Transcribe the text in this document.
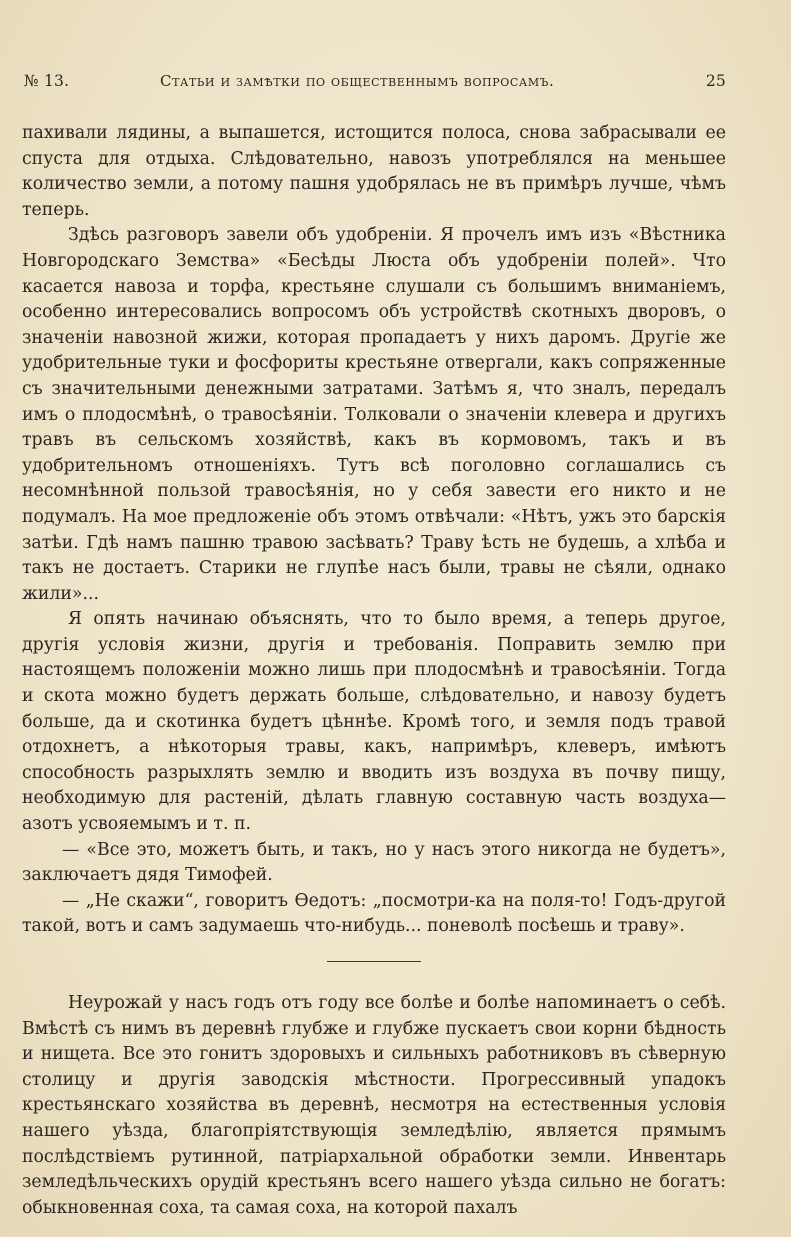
№ 13.	Статьи и замѣтки по общественнымъ вопросамъ.	25

пахивали лядины, а выпашется, истощится полоса, снова забрасывали ее спуста для отдыха. Слѣдовательно, навозъ употреблялся на меньшее количество земли, а потому пашня удобрялась не въ примѣръ лучше, чѣмъ теперь.

Здѣсь разговоръ завели объ удобреніи. Я прочелъ имъ изъ «Вѣстника Новгородскаго Земства» «Бесѣды Люста объ удобреніи полей». Что касается навоза и торфа, крестьяне слушали съ большимъ вниманіемъ, особенно интересовались вопросомъ объ устройствѣ скотныхъ дворовъ, о значеніи навозной жижи, которая пропадаетъ у нихъ даромъ. Другіе же удобрительные туки и фосфориты крестьяне отвергали, какъ сопряженные съ значительными денежными затратами. Затѣмъ я, что зналъ, передалъ имъ о плодосмѣнѣ, о травосѣяніи. Толковали о значеніи клевера и другихъ травъ въ сельскомъ хозяйствѣ, какъ въ кормовомъ, такъ и въ удобрительномъ отношеніяхъ. Тутъ всѣ поголовно соглашались съ несомнѣнной пользой травосѣянія, но у себя завести его никто и не подумалъ. На мое предложеніе объ этомъ отвѣчали: «Нѣтъ, ужъ это барскія затѣи. Гдѣ намъ пашню травою засѣвать? Траву ѣсть не будешь, а хлѣба и такъ не достаетъ. Старики не глупѣе насъ были, травы не сѣяли, однако жили»...

Я опять начинаю объяснять, что то было время, а теперь другое, другія условія жизни, другія и требованія. Поправить землю при настоящемъ положеніи можно лишь при плодосмѣнѣ и травосѣяніи. Тогда и скота можно будетъ держать больше, слѣдовательно, и навозу будетъ больше, да и скотинка будетъ цѣннѣе. Кромѣ того, и земля подъ травой отдохнетъ, а нѣкоторыя травы, какъ, напримѣръ, клеверъ, имѣютъ способность разрыхлять землю и вводить изъ воздуха въ почву пищу, необходимую для растеній, дѣлать главную составную часть воздуха— азотъ усвояемымъ и т. п.

— «Все это, можетъ быть, и такъ, но у насъ этого никогда не будетъ», заключаетъ дядя Тимофей.

— „Не скажи“, говоритъ Ѳедотъ: „посмотри-ка на поля-то! Годъ-другой такой, вотъ и самъ задумаешь что-нибудь... поневолѣ посѣешь и траву».

Неурожай у насъ годъ отъ году все болѣе и болѣе напоминаетъ о себѣ. Вмѣстѣ съ нимъ въ деревнѣ глубже и глубже пускаетъ свои корни бѣдность и нищета. Все это гонитъ здоровыхъ и сильныхъ работниковъ въ сѣверную столицу и другія заводскія мѣстности. Прогрессивный упадокъ крестьянскаго хозяйства въ деревнѣ, несмотря на естественныя условія нашего уѣзда, благопріятствующія земледѣлію, является прямымъ послѣдствіемъ рутинной, патріархальной обработки земли. Инвентарь земледѣльческихъ орудій крестьянъ всего нашего уѣзда сильно не богатъ: обыкновенная соха, та самая соха, на которой пахалъ
